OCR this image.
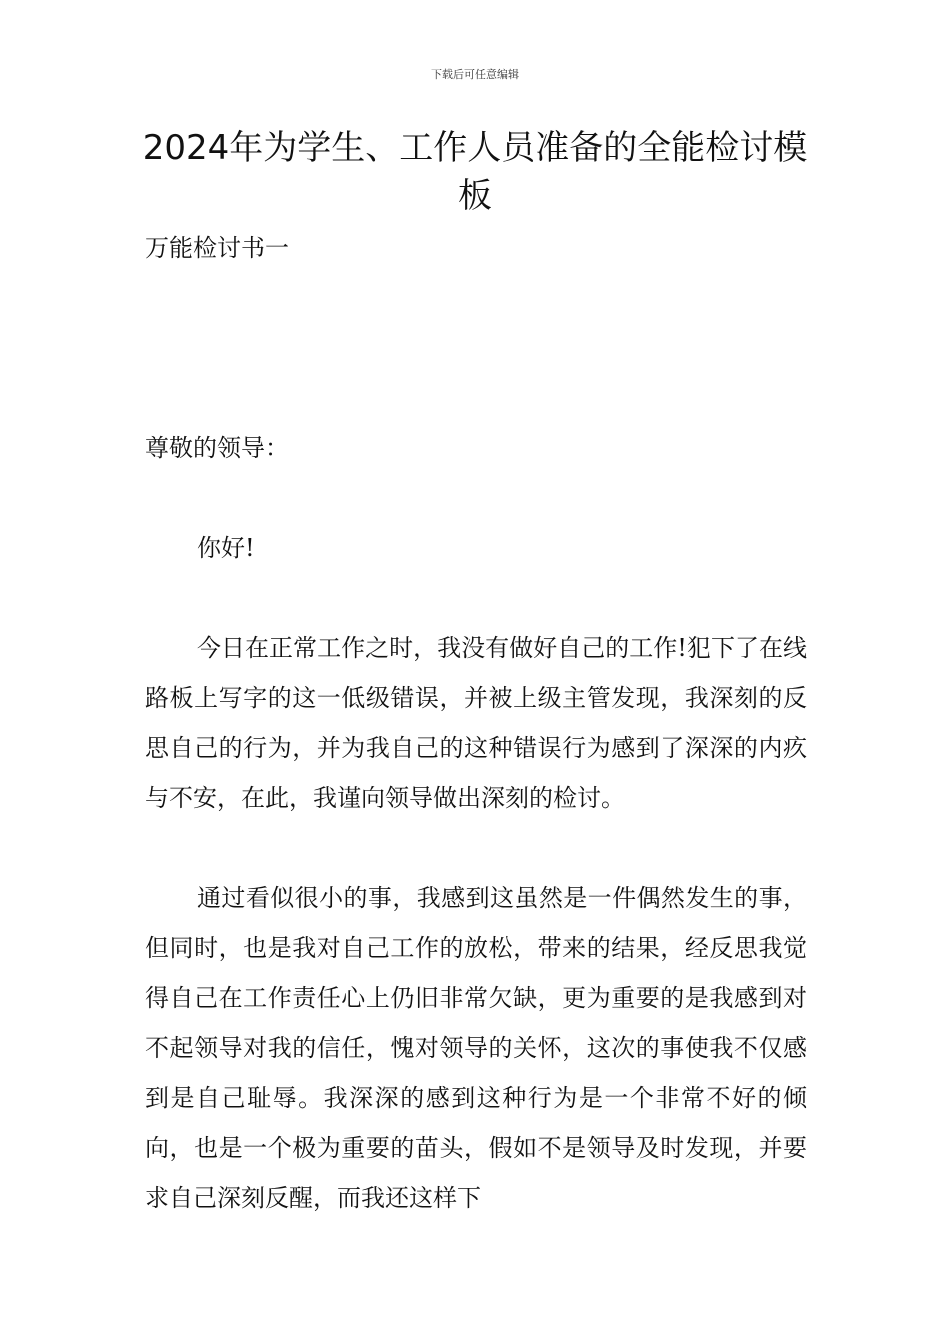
下载后可任意编辑
2024年为学生、工作人员准备的全能检讨模板

万能检讨书一

尊敬的领导：

你好!

今日在正常工作之时，我没有做好自己的工作!犯下了在线路板上写字的这一低级错误，并被上级主管发现，我深刻的反思自己的行为，并为我自己的这种错误行为感到了深深的内疚与不安，在此，我谨向领导做出深刻的检讨。

通过看似很小的事，我感到这虽然是一件偶然发生的事，但同时，也是我对自己工作的放松，带来的结果，经反思我觉得自己在工作责任心上仍旧非常欠缺，更为重要的是我感到对不起领导对我的信任，愧对领导的关怀，这次的事使我不仅感到是自己耻辱。我深深的感到这种行为是一个非常不好的倾向，也是一个极为重要的苗头，假如不是领导及时发现，并要求自己深刻反醒，而我还这样下
